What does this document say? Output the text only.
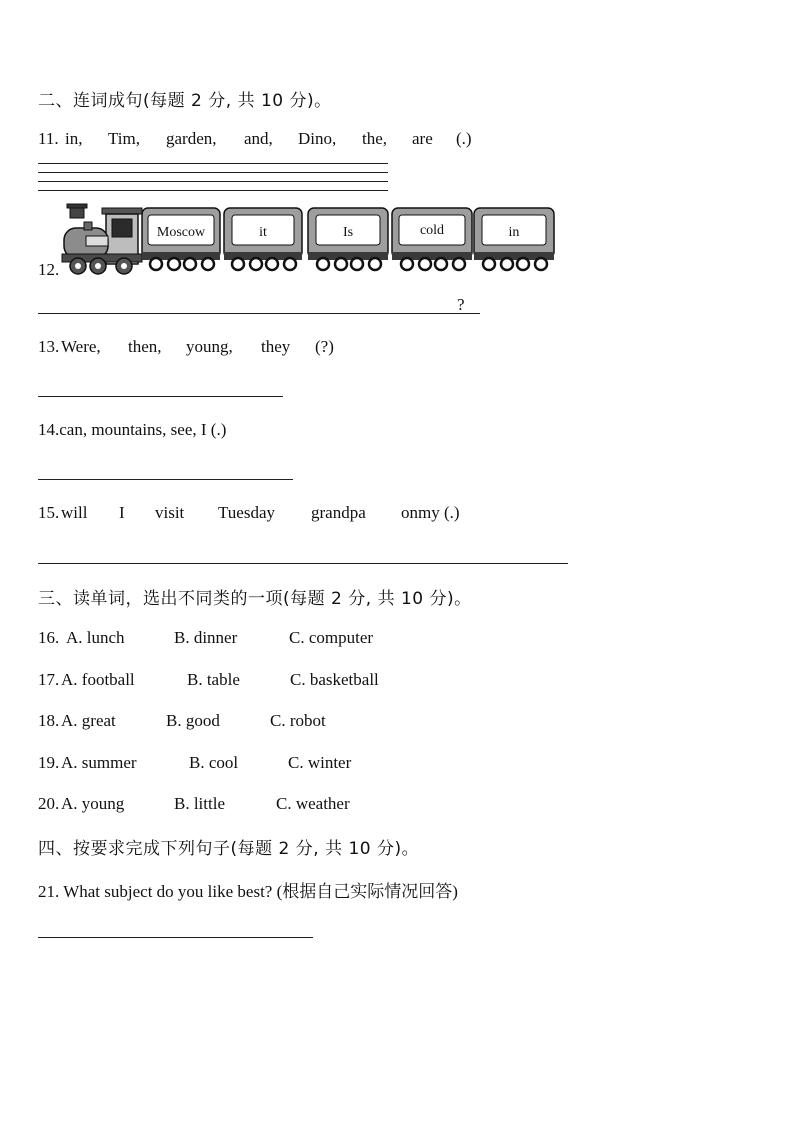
二、连词成句(每题 2 分, 共 10 分)。
11. in, Tim, garden, and, Dino, the, are (.)
12.
Moscow	it	Is	cold	in
?
13. Were, then, young, they (?)
14.can, mountains, see, I (.)
15. will I visit Tuesday grandpa onmy (.)
三、读单词，选出不同类的一项(每题 2 分, 共 10 分)。
16. A. lunch	B. dinner	C. computer
17. A. football	B. table	C. basketball
18. A. great	B. good	C. robot
19. A. summer	B. cool	C. winter
20. A. young	B. little	C. weather
四、按要求完成下列句子(每题 2 分, 共 10 分)。
21. What subject do you like best? (根据自己实际情况回答)
